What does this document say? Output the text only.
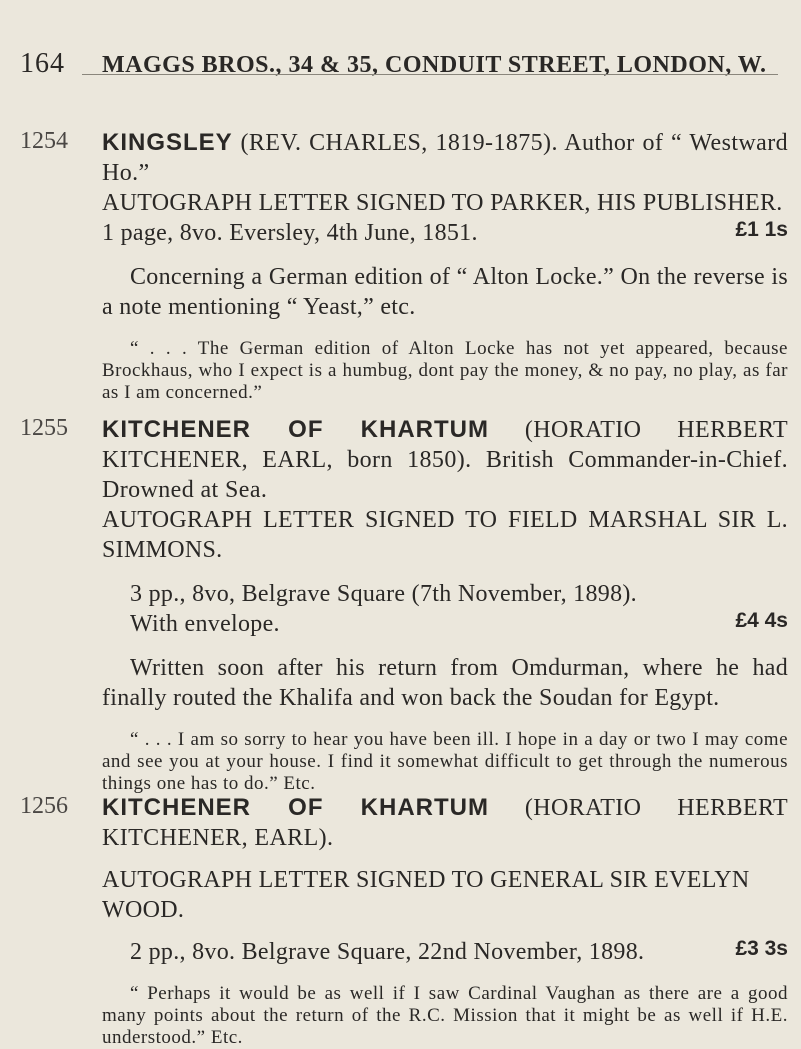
164 MAGGS BROS., 34 & 35, CONDUIT STREET, LONDON, W.
1254 KINGSLEY (REV. CHARLES, 1819-1875). Author of “ Westward Ho.”

AUTOGRAPH LETTER SIGNED TO PARKER, HIS PUBLISHER.

1 page, 8vo. Eversley, 4th June, 1851.	£1 1s

Concerning a German edition of “ Alton Locke.” On the reverse is a note mentioning “ Yeast,” etc.

“ . . . The German edition of Alton Locke has not yet appeared, because Brockhaus, who I expect is a humbug, dont pay the money, & no pay, no play, as far as I am concerned.”

1255 KITCHENER OF KHARTUM (HORATIO HERBERT KITCHENER, EARL, born 1850). British Commander-in-Chief. Drowned at Sea.

AUTOGRAPH LETTER SIGNED TO FIELD MARSHAL SIR L. SIMMONS.

3 pp., 8vo, Belgrave Square (7th November, 1898). With envelope.	£4 4s

Written soon after his return from Omdurman, where he had finally routed the Khalifa and won back the Soudan for Egypt.

“ . . . I am so sorry to hear you have been ill. I hope in a day or two I may come and see you at your house. I find it somewhat difficult to get through the numerous things one has to do.” Etc.

1256 KITCHENER OF KHARTUM (HORATIO HERBERT KITCHENER, EARL).

AUTOGRAPH LETTER SIGNED TO GENERAL SIR EVELYN WOOD.

2 pp., 8vo. Belgrave Square, 22nd November, 1898.	£3 3s

“ Perhaps it would be as well if I saw Cardinal Vaughan as there are a good many points about the return of the R.C. Mission that it might be as well if H.E. understood.” Etc.
